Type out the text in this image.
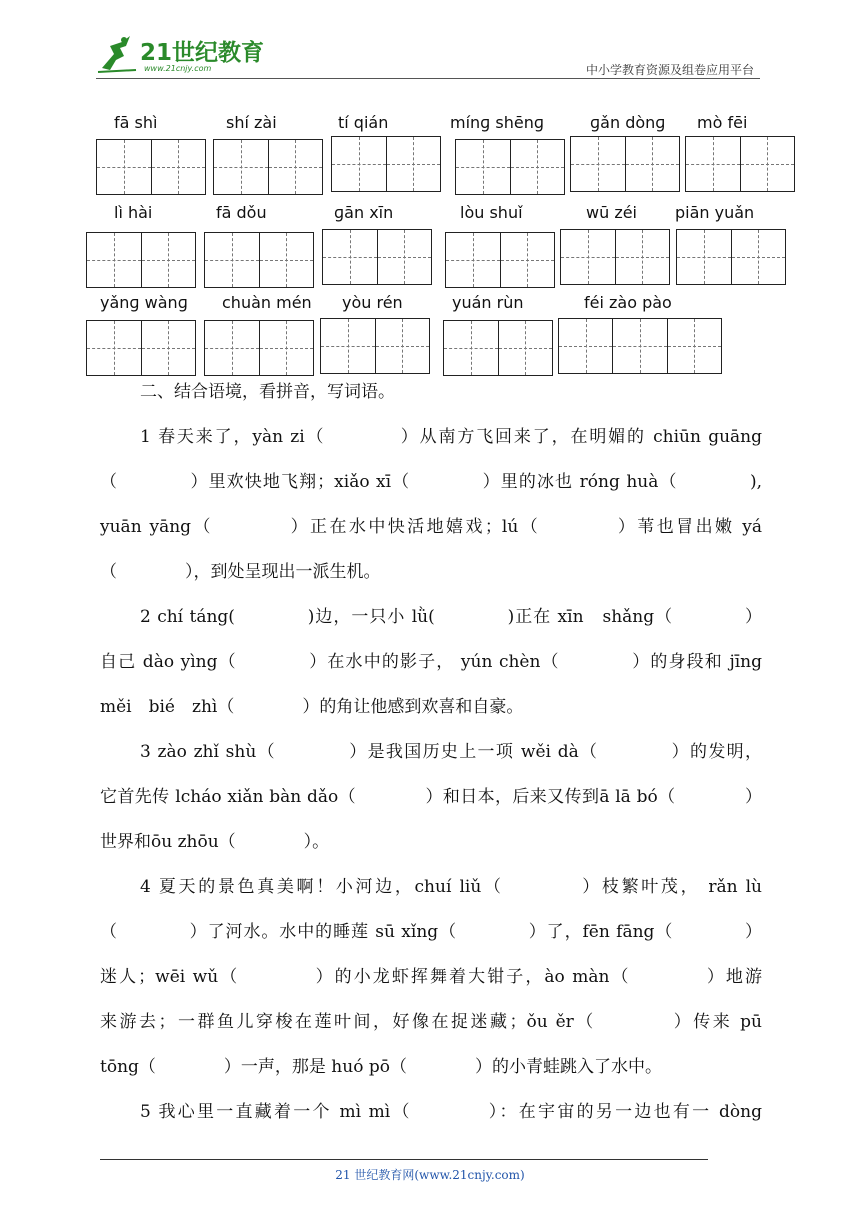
21世纪教育
www.21cnjy.com	中小学教育资源及组卷应用平台
fā shì	shí zài	tí qián	mínɡ shēnɡ	ɡǎn dònɡ mò fēi
lì hài	fā dǒu	ɡān xīn	lòu shuǐ	wū zéi piān yuǎn
yǎnɡ wànɡ chuàn mén yòu rén	yuán rùn	féi zào pào
二、结合语境，看拼音，写词语。
1 春天来了，yàn zi（　　　　）从南方飞回来了，在明媚的 chiūn guāng
（　　　　）里欢快地飞翔；xiǎo xī（　　　　）里的冰也 róng huà（　　　　),
yuān yāng（　　　　）正在水中快活地嬉戏；lú（　　　　）苇也冒出嫩 yá
（　　　　），到处呈现出一派生机。
2 chí táng(　　　　)边，一只小 lǜ(　　　　)正在 xīn　shǎng（　　　　）
自己 dào yìng（　　　　）在水中的影子， yún chèn（　　　　）的身段和 jīng
měi　bié　zhì（　　　　）的角让他感到欢喜和自豪。
3 zào zhǐ shù（　　　　）是我国历史上一项 wěi dà（　　　　）的发明，
它首先传 lcháo xiǎn bàn dǎo（　　　　）和日本，后来又传到ā lā bó（　　　　）
世界和ōu zhōu（　　　　）。
4 夏天的景色真美啊！小河边，chuí liǔ（　　　　）枝繁叶茂， rǎn lù
（　　　　）了河水。水中的睡莲 sū xǐng（　　　　）了，fēn fāng（　　　　）
迷人；wēi wǔ（　　　　）的小龙虾挥舞着大钳子，ào màn（　　　　）地游
来游去；一群鱼儿穿梭在莲叶间，好像在捉迷藏；ǒu ěr（　　　　）传来 pū
tōng（　　　　）一声，那是 huó pō（　　　　）的小青蛙跳入了水中。
5 我心里一直藏着一个 mì mì（　　　　）：在宇宙的另一边也有一 dòng
21 世纪教育网(www.21cnjy.com)
